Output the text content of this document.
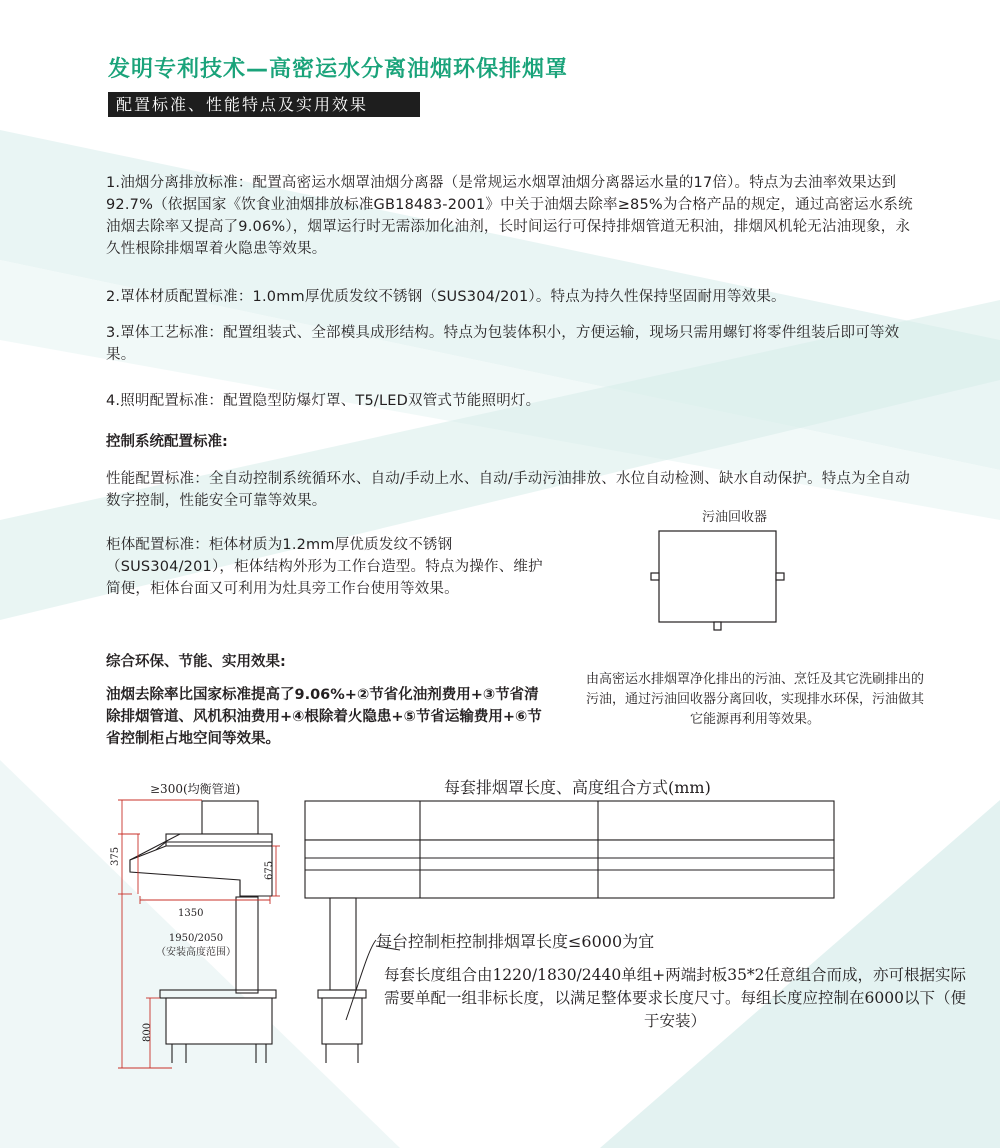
发明专利技术—高密运水分离油烟环保排烟罩
配置标准、性能特点及实用效果
1.油烟分离排放标准：配置高密运水烟罩油烟分离器（是常规运水烟罩油烟分离器运水量的17倍）。特点为去油率效果达到92.7%（依据国家《饮食业油烟排放标准GB18483-2001》中关于油烟去除率≥85%为合格产品的规定，通过高密运水系统油烟去除率又提高了9.06%），烟罩运行时无需添加化油剂，长时间运行可保持排烟管道无积油，排烟风机轮无沾油现象，永久性根除排烟罩着火隐患等效果。
2.罩体材质配置标准：1.0mm厚优质发纹不锈钢（SUS304/201）。特点为持久性保持坚固耐用等效果。
3.罩体工艺标准：配置组装式、全部模具成形结构。特点为包装体积小，方便运输，现场只需用螺钉将零件组装后即可等效果。
4.照明配置标准：配置隐型防爆灯罩、T5/LED双管式节能照明灯。
控制系统配置标准:
性能配置标准：全自动控制系统循环水、自动/手动上水、自动/手动污油排放、水位自动检测、缺水自动保护。特点为全自动数字控制，性能安全可靠等效果。
柜体配置标准：柜体材质为1.2mm厚优质发纹不锈钢（SUS304/201），柜体结构外形为工作台造型。特点为操作、维护简便，柜体台面又可利用为灶具旁工作台使用等效果。
综合环保、节能、实用效果:
油烟去除率比国家标准提高了9.06%+②节省化油剂费用+③节省清除排烟管道、风机积油费用+④根除着火隐患+⑤节省运输费用+⑥节省控制柜占地空间等效果。
污油回收器
由高密运水排烟罩净化排出的污油、烹饪及其它洗刷排出的污油，通过污油回收器分离回收，实现排水环保，污油做其它能源再利用等效果。
≥300(均衡管道)
375
675
1350
1950/2050
（安装高度范围）
800
每套排烟罩长度、高度组合方式(mm)
每台控制柜控制排烟罩长度≤6000为宜
每套长度组合由1220/1830/2440单组+两端封板35*2任意组合而成，亦可根据实际需要单配一组非标长度，以满足整体要求长度尺寸。每组长度应控制在6000以下（便于安装）
